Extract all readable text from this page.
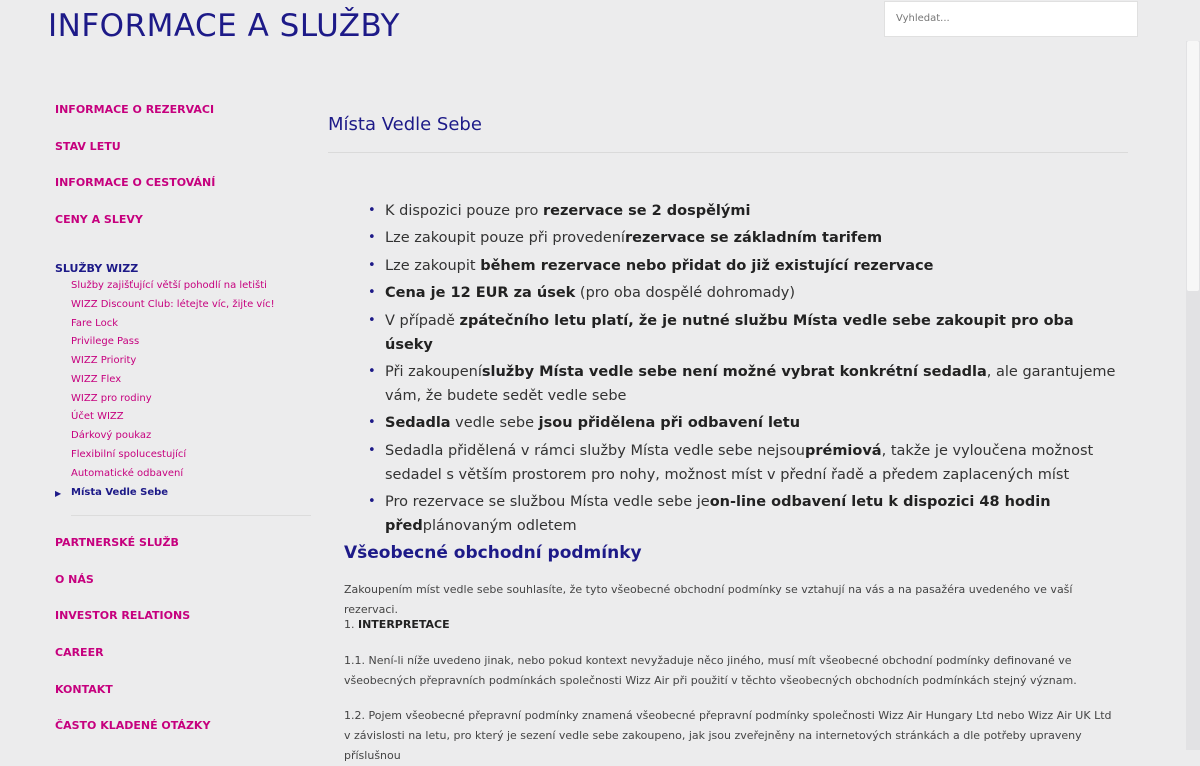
INFORMACE A SLUŽBY	Vyhledat...
INFORMACE O REZERVACI
STAV LETU
INFORMACE O CESTOVÁNÍ
CENY A SLEVY
SLUŽBY WIZZ
Služby zajišťující větší pohodlí na letišti
WIZZ Discount Club: létejte víc, žijte víc!
Fare Lock
Privilege Pass
WIZZ Priority
WIZZ Flex
WIZZ pro rodiny
Účet WIZZ
Dárkový poukaz
Flexibilní spolucestující
Automatické odbavení
▶ Místa Vedle Sebe
PARTNERSKÉ SLUŽB
O NÁS
INVESTOR RELATIONS
CAREER
KONTAKT
ČASTO KLADENÉ OTÁZKY
Místa Vedle Sebe
• K dispozici pouze pro rezervace se 2 dospělými
• Lze zakoupit pouze při provedenírezervace se základním tarifem
• Lze zakoupit během rezervace nebo přidat do již existující rezervace
• Cena je 12 EUR za úsek (pro oba dospělé dohromady)
• V případě zpátečního letu platí, že je nutné službu Místa vedle sebe zakoupit pro oba úseky
• Při zakoupeníslužby Místa vedle sebe není možné vybrat konkrétní sedadla, ale garantujeme vám, že budete sedět vedle sebe
• Sedadla vedle sebe jsou přidělena při odbavení letu
• Sedadla přidělená v rámci služby Místa vedle sebe nejsouprémiová, takže je vyloučena možnost sedadel s větším prostorem pro nohy, možnost míst v přední řadě a předem zaplacených míst
• Pro rezervace se službou Místa vedle sebe jeon-line odbavení letu k dispozici 48 hodin předplánovaným odletem
Všeobecné obchodní podmínky
Zakoupením míst vedle sebe souhlasíte, že tyto všeobecné obchodní podmínky se vztahují na vás a na pasažéra uvedeného ve vaší rezervaci.
1. INTERPRETACE
1.1. Není-li níže uvedeno jinak, nebo pokud kontext nevyžaduje něco jiného, musí mít všeobecné obchodní podmínky definované ve všeobecných přepravních podmínkách společnosti Wizz Air při použití v těchto všeobecných obchodních podmínkách stejný význam.
1.2. Pojem všeobecné přepravní podmínky znamená všeobecné přepravní podmínky společnosti Wizz Air Hungary Ltd nebo Wizz Air UK Ltd v závislosti na letu, pro který je sezení vedle sebe zakoupeno, jak jsou zveřejněny na internetových stránkách a dle potřeby upraveny příslušnou
